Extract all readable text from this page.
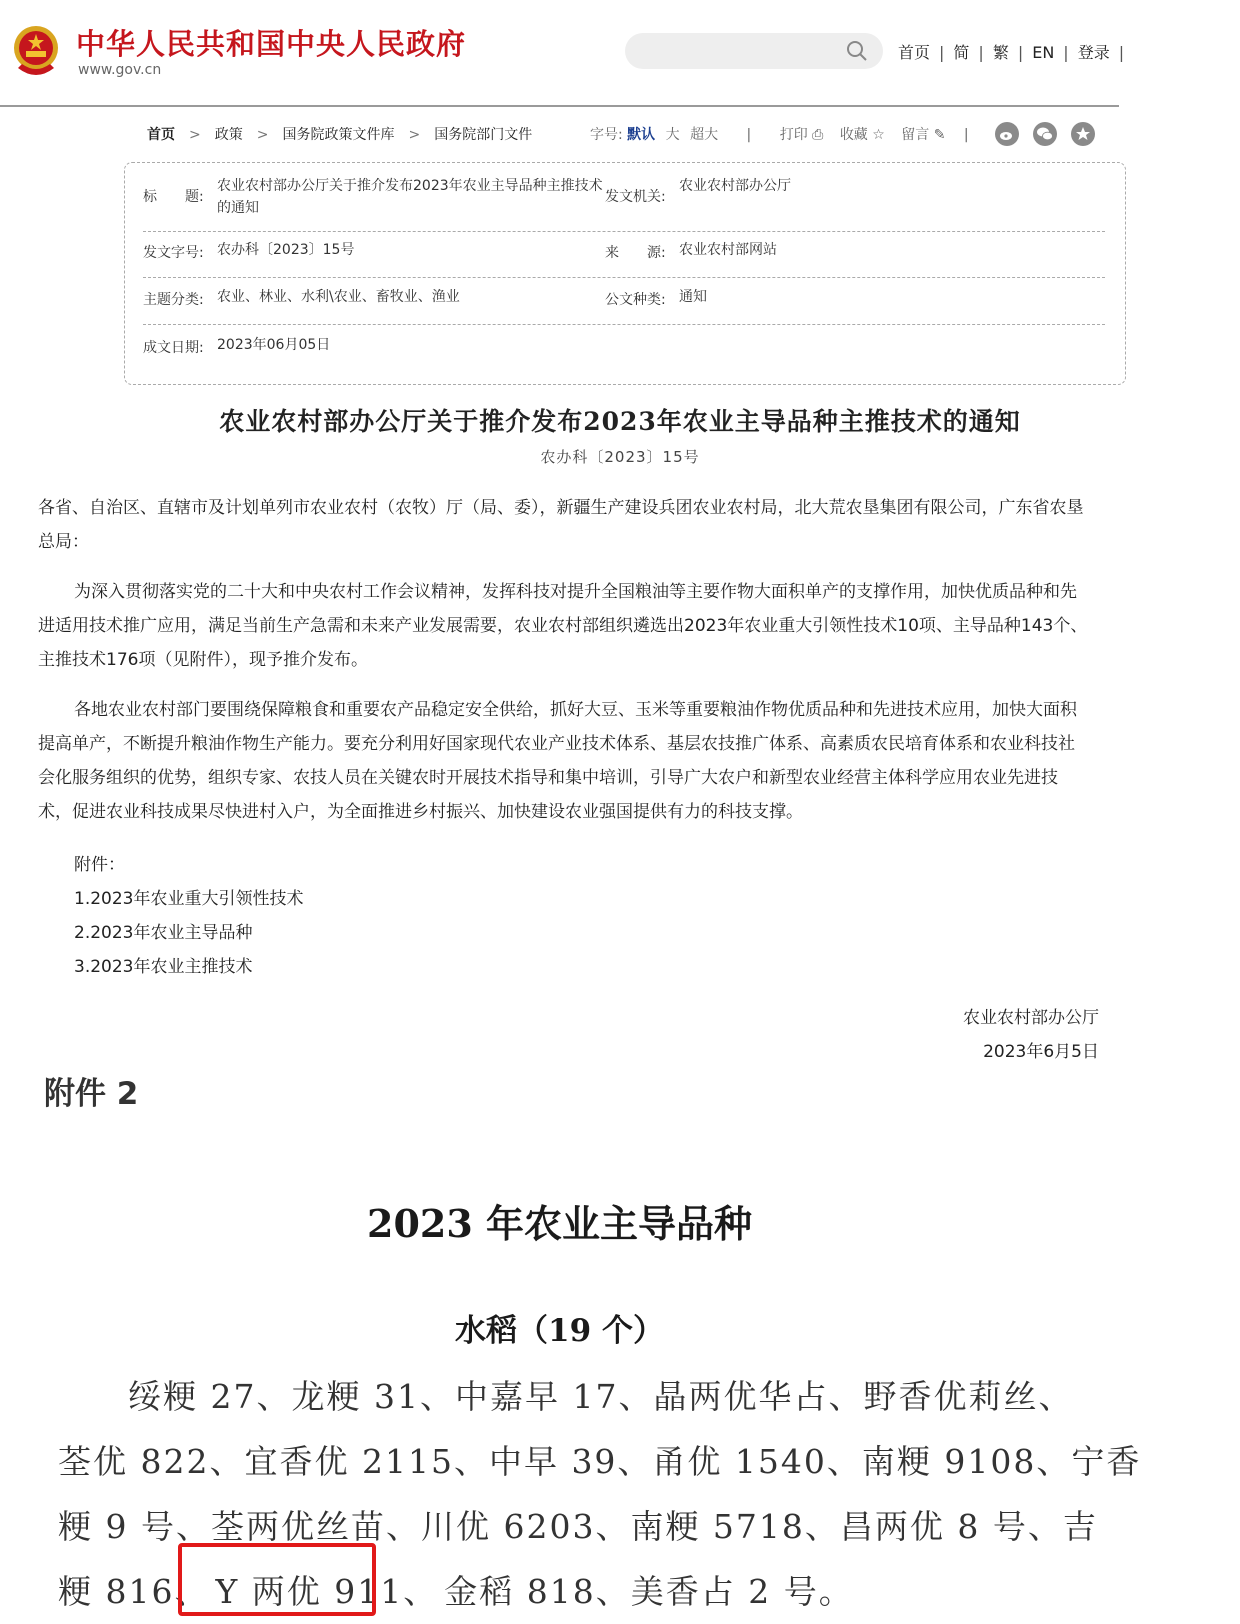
中华人民共和国中央人民政府
www.gov.cn
首页 | 简 | 繁 | EN | 登录 |
首页 > 政策 > 国务院政策文件库 > 国务院部门文件	字号: 默认 大 超大 | 打印 ⎙ 收藏 ☆ 留言 ✎ |
标　　题:
农业农村部办公厅关于推介发布2023年农业主导品种主推技术的通知
发文机关:
农业农村部办公厅
发文字号: 农办科〔2023〕15号	来　　源: 农业农村部网站
主题分类: 农业、林业、水利\农业、畜牧业、渔业	公文种类: 通知
成文日期: 2023年06月05日
农业农村部办公厅关于推介发布2023年农业主导品种主推技术的通知
农办科〔2023〕15号
各省、自治区、直辖市及计划单列市农业农村（农牧）厅（局、委），新疆生产建设兵团农业农村局，北大荒农垦集团有限公司，广东省农垦总局：
为深入贯彻落实党的二十大和中央农村工作会议精神，发挥科技对提升全国粮油等主要作物大面积单产的支撑作用，加快优质品种和先进适用技术推广应用，满足当前生产急需和未来产业发展需要，农业农村部组织遴选出2023年农业重大引领性技术10项、主导品种143个、主推技术176项（见附件），现予推介发布。
各地农业农村部门要围绕保障粮食和重要农产品稳定安全供给，抓好大豆、玉米等重要粮油作物优质品种和先进技术应用，加快大面积提高单产，不断提升粮油作物生产能力。要充分利用好国家现代农业产业技术体系、基层农技推广体系、高素质农民培育体系和农业科技社会化服务组织的优势，组织专家、农技人员在关键农时开展技术指导和集中培训，引导广大农户和新型农业经营主体科学应用农业先进技术，促进农业科技成果尽快进村入户，为全面推进乡村振兴、加快建设农业强国提供有力的科技支撑。
附件：
1.2023年农业重大引领性技术
2.2023年农业主导品种
3.2023年农业主推技术
农业农村部办公厅
2023年6月5日
附件 2
2023 年农业主导品种
水稻（19 个）
绥粳 27、龙粳 31、中嘉早 17、晶两优华占、野香优莉丝、
荃优 822、宜香优 2115、中早 39、甬优 1540、南粳 9108、宁香
粳 9 号、荃两优丝苗、川优 6203、南粳 5718、昌两优 8 号、吉
粳 816、 Y 两优 911、 金稻 818、美香占 2 号。
